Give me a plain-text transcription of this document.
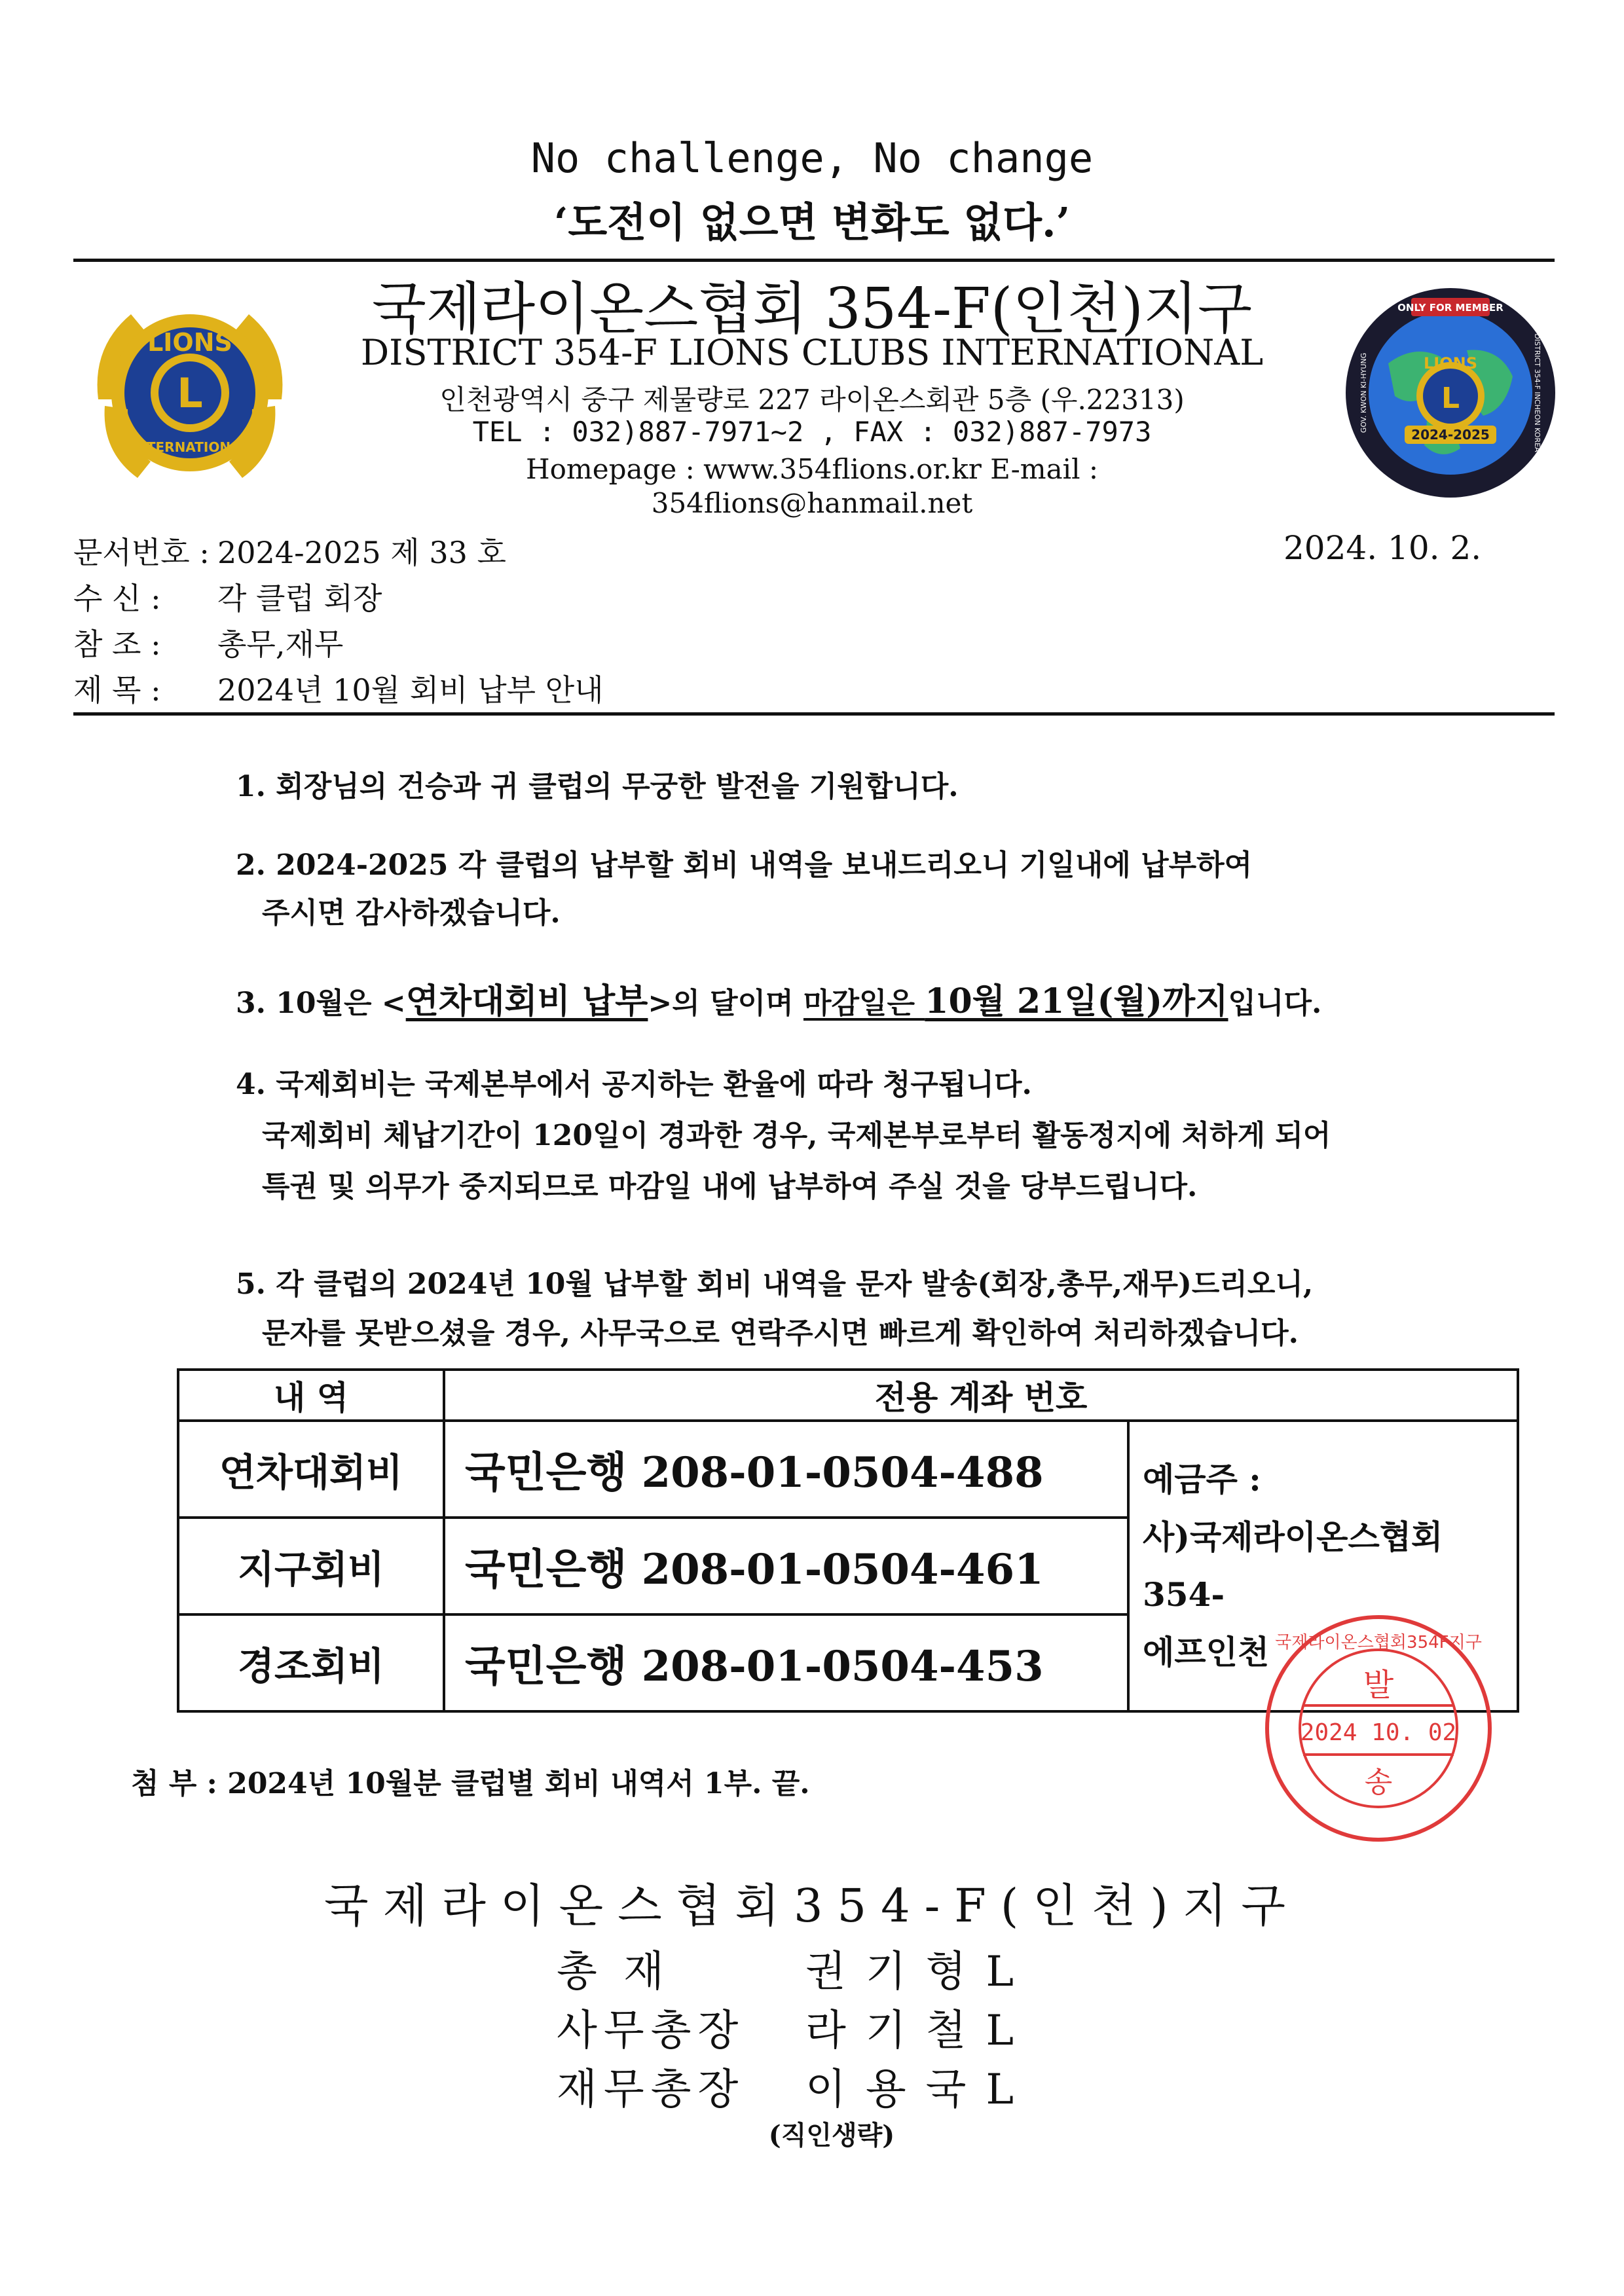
No challenge, No change
‘도전이 없으면 변화도 없다.’
LIONS
L
INTERNATIONAL
ONLY FOR MEMBER
LIONS
L
2024-2025
GOV. KWON KI-HYUNG	DISTRICT 354-F INCHEON KOREA
국제라이온스협회 354-F(인천)지구
DISTRICT 354-F LIONS CLUBS INTERNATIONAL
인천광역시 중구 제물량로 227 라이온스회관 5층 (우.22313)
TEL : 032)887-7971~2 , FAX : 032)887-7973
Homepage : www.354flions.or.kr E-mail :
354flions@hanmail.net
문서번호 : 2024-2025 제 33 호	2024. 10. 2.
수 신 : 각 클럽 회장
참 조 : 총무,재무
제 목 : 2024년 10월 회비 납부 안내
1. 회장님의 건승과 귀 클럽의 무궁한 발전을 기원합니다.
2. 2024-2025 각 클럽의 납부할 회비 내역을 보내드리오니 기일내에 납부하여
주시면 감사하겠습니다.
3. 10월은 <연차대회비 납부>의 달이며 마감일은 10월 21일(월)까지입니다.
4. 국제회비는 국제본부에서 공지하는 환율에 따라 청구됩니다.
국제회비 체납기간이 120일이 경과한 경우, 국제본부로부터 활동정지에 처하게 되어
특권 및 의무가 중지되므로 마감일 내에 납부하여 주실 것을 당부드립니다.
5. 각 클럽의 2024년 10월 납부할 회비 내역을 문자 발송(회장,총무,재무)드리오니,
문자를 못받으셨을 경우, 사무국으로 연락주시면 빠르게 확인하여 처리하겠습니다.
내 역	전용 계좌 번호	
연차대회비	국민은행 208-01-0504-488	예금주 :
사)국제라이온스협회354-
에프인천

지구회비	국민은행 208-01-0504-461	
경조회비	국민은행 208-01-0504-453		국제라이온스협회354F지구
발
2024 10. 02
송
첨 부 : 2024년 10월분 클럽별 회비 내역서 1부. 끝.
국제라이온스협회354-F(인천)지구
총 재	권기형L
사무총장 라기철L
재무총장 이용국L
(직인생략)
